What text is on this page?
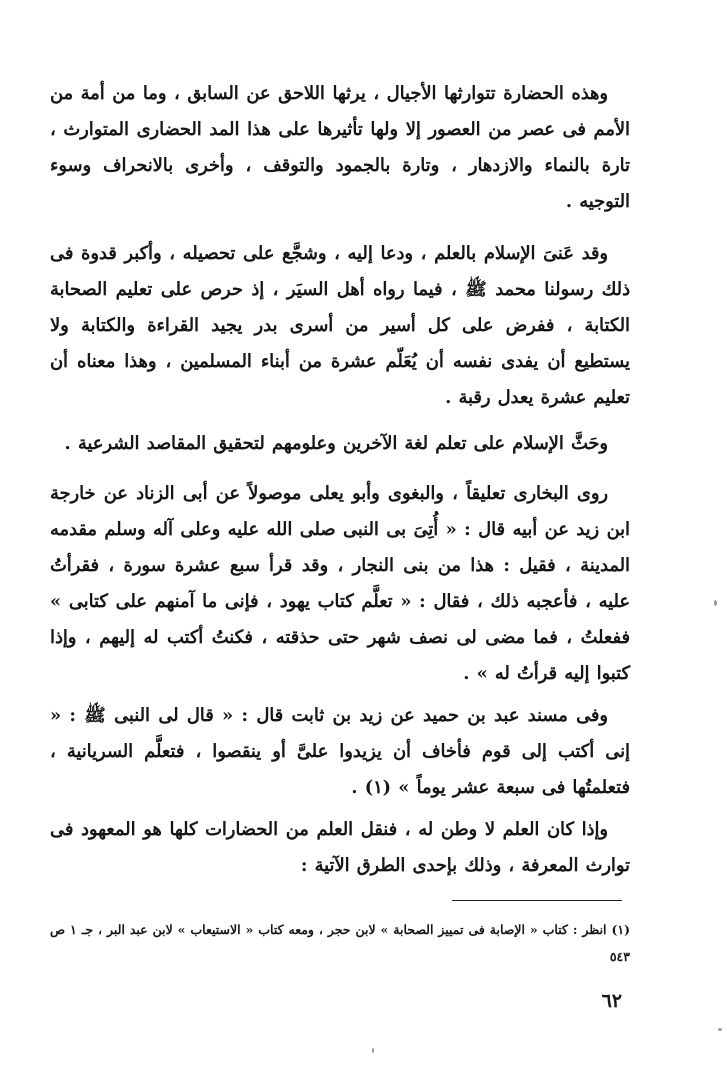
وهذه الحضارة تتوارثها الأجيال ، يرثها اللاحق عن السابق ، وما من أمة من الأمم فى عصر من العصور إلا ولها تأثيرها على هذا المد الحضارى المتوارث ، تارة بالنماء والازدهار ، وتارة بالجمود والتوقف ، وأخرى بالانحراف وسوء التوجيه .

وقد عَنىَ الإسلام بالعلم ، ودعا إليه ، وشجَّع على تحصيله ، وأكبر قدوة فى ذلك رسولنا محمد ﷺ ، فيما رواه أهل السيَر ، إذ حرص على تعليم الصحابة الكتابة ، ففرض على كل أسير من أسرى بدر يجيد القراءة والكتابة ولا يستطيع أن يفدى نفسه أن يُعَلّم عشرة من أبناء المسلمين ، وهذا معناه أن تعليم عشرة يعدل رقبة .

وحَثَّ الإسلام على تعلم لغة الآخرين وعلومهم لتحقيق المقاصد الشرعية .

روى البخارى تعليقاً ، والبغوى وأبو يعلى موصولاً عن أبى الزناد عن خارجة ابن زيد عن أبيه قال : « أُتِىَ بى النبى صلى الله عليه وعلى آله وسلم مقدمه المدينة ، فقيل : هذا من بنى النجار ، وقد قرأ سبع عشرة سورة ، فقرأتُ عليه ، فأعجبه ذلك ، فقال : « تعلَّم كتاب يهود ، فإنى ما آمنهم على كتابى » ففعلتُ ، فما مضى لى نصف شهر حتى حذقته ، فكنتُ أكتب له إليهم ، وإذا كتبوا إليه قرأتُ له » .

وفى مسند عبد بن حميد عن زيد بن ثابت قال : « قال لى النبى ﷺ : « إنى أكتب إلى قوم فأخاف أن يزيدوا علىَّ أو ينقصوا ، فتعلَّم السريانية ، فتعلمتُها فى سبعة عشر يوماً » (١) .

وإذا كان العلم لا وطن له ، فنقل العلم من الحضارات كلها هو المعهود فى توارث المعرفة ، وذلك بإحدى الطرق الآتية :

(١) انظر : كتاب « الإصابة فى تمييز الصحابة » لابن حجر ، ومعه كتاب « الاستيعاب » لابن عبد البر ، جـ ١ ص ٥٤٣

٦٢
